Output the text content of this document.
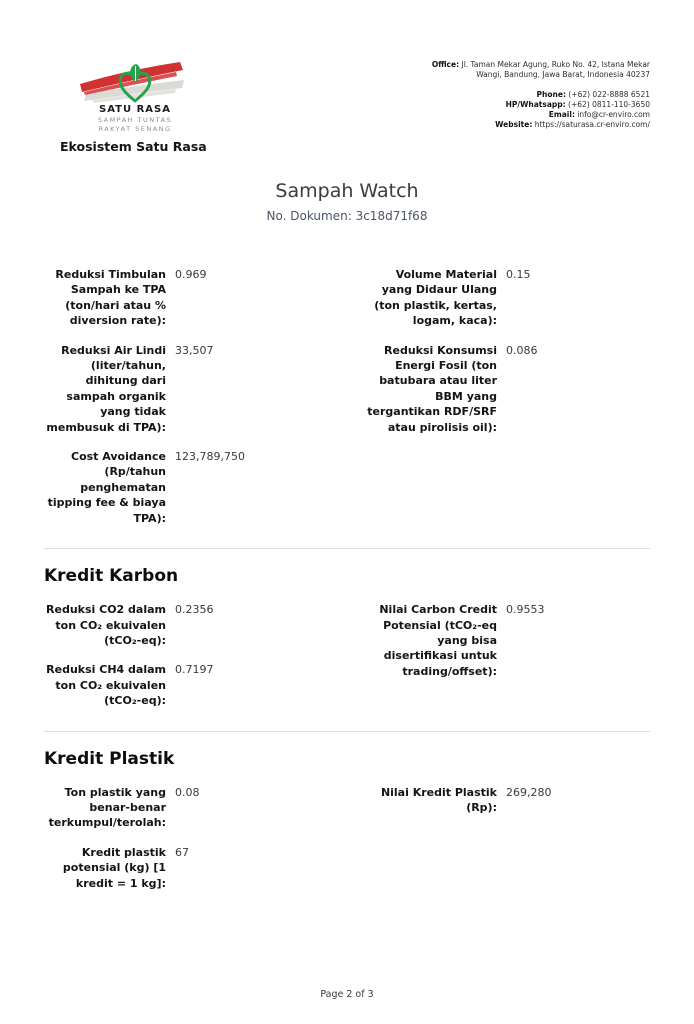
SATU RASA
SAMPAH TUNTAS
RAKYAT SENANG
Ekosistem Satu Rasa
Office: Jl. Taman Mekar Agung, Ruko No. 42, Istana Mekar Wangi, Bandung, Jawa Barat, Indonesia 40237
Phone: (+62) 022-8888 6521
HP/Whatsapp: (+62) 0811-110-3650
Email: info@cr-enviro.com
Website: https://saturasa.cr-enviro.com/
Sampah Watch
No. Dokumen: 3c18d71f68
Reduksi Timbulan Sampah ke TPA (ton/hari atau % diversion rate):
0.969
Reduksi Air Lindi (liter/tahun, dihitung dari sampah organik yang tidak membusuk di TPA):
33,507
Cost Avoidance (Rp/tahun penghematan tipping fee & biaya TPA):
123,789,750
Volume Material yang Didaur Ulang (ton plastik, kertas, logam, kaca):
0.15
Reduksi Konsumsi Energi Fosil (ton batubara atau liter BBM yang tergantikan RDF/SRF atau pirolisis oil):
0.086
Kredit Karbon
Reduksi CO2 dalam ton CO₂ ekuivalen (tCO₂-eq):
0.2356
Reduksi CH4 dalam ton CO₂ ekuivalen (tCO₂-eq):
0.7197
Nilai Carbon Credit Potensial (tCO₂-eq yang bisa disertifikasi untuk trading/offset):
0.9553
Kredit Plastik
Ton plastik yang benar-benar terkumpul/terolah:
0.08
Kredit plastik potensial (kg) [1 kredit = 1 kg]:
67
Nilai Kredit Plastik (Rp):
269,280
Page 2 of 3
